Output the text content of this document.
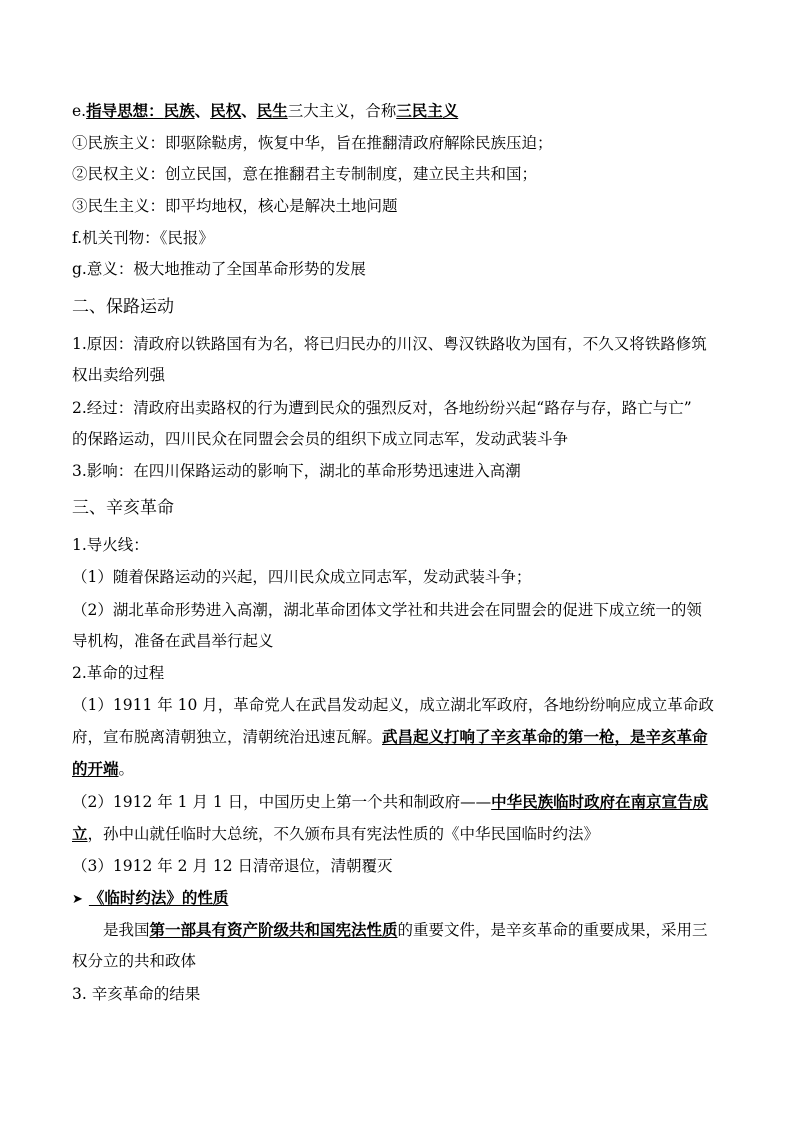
e.指导思想：民族、民权、民生三大主义，合称三民主义
①民族主义：即驱除鞑虏，恢复中华，旨在推翻清政府解除民族压迫；
②民权主义：创立民国，意在推翻君主专制制度，建立民主共和国；
③民生主义：即平均地权，核心是解决土地问题
f.机关刊物：《民报》
g.意义：极大地推动了全国革命形势的发展
二、保路运动
1.原因：清政府以铁路国有为名，将已归民办的川汉、粤汉铁路收为国有，不久又将铁路修筑
权出卖给列强
2.经过：清政府出卖路权的行为遭到民众的强烈反对，各地纷纷兴起“路存与存，路亡与亡”
的保路运动，四川民众在同盟会会员的组织下成立同志军，发动武装斗争
3.影响：在四川保路运动的影响下，湖北的革命形势迅速进入高潮
三、辛亥革命
1.导火线：
（1）随着保路运动的兴起，四川民众成立同志军，发动武装斗争；
（2）湖北革命形势进入高潮，湖北革命团体文学社和共进会在同盟会的促进下成立统一的领
导机构，准备在武昌举行起义
2.革命的过程
（1）1911 年 10 月，革命党人在武昌发动起义，成立湖北军政府，各地纷纷响应成立革命政
府，宣布脱离清朝独立，清朝统治迅速瓦解。武昌起义打响了辛亥革命的第一枪，是辛亥革命
的开端。
（2）1912 年 1 月 1 日，中国历史上第一个共和制政府——中华民族临时政府在南京宣告成
立，孙中山就任临时大总统，不久颁布具有宪法性质的《中华民国临时约法》
（3）1912 年 2 月 12 日清帝退位，清朝覆灭
➤ 《临时约法》的性质
是我国第一部具有资产阶级共和国宪法性质的重要文件，是辛亥革命的重要成果，采用三
权分立的共和政体
3. 辛亥革命的结果
